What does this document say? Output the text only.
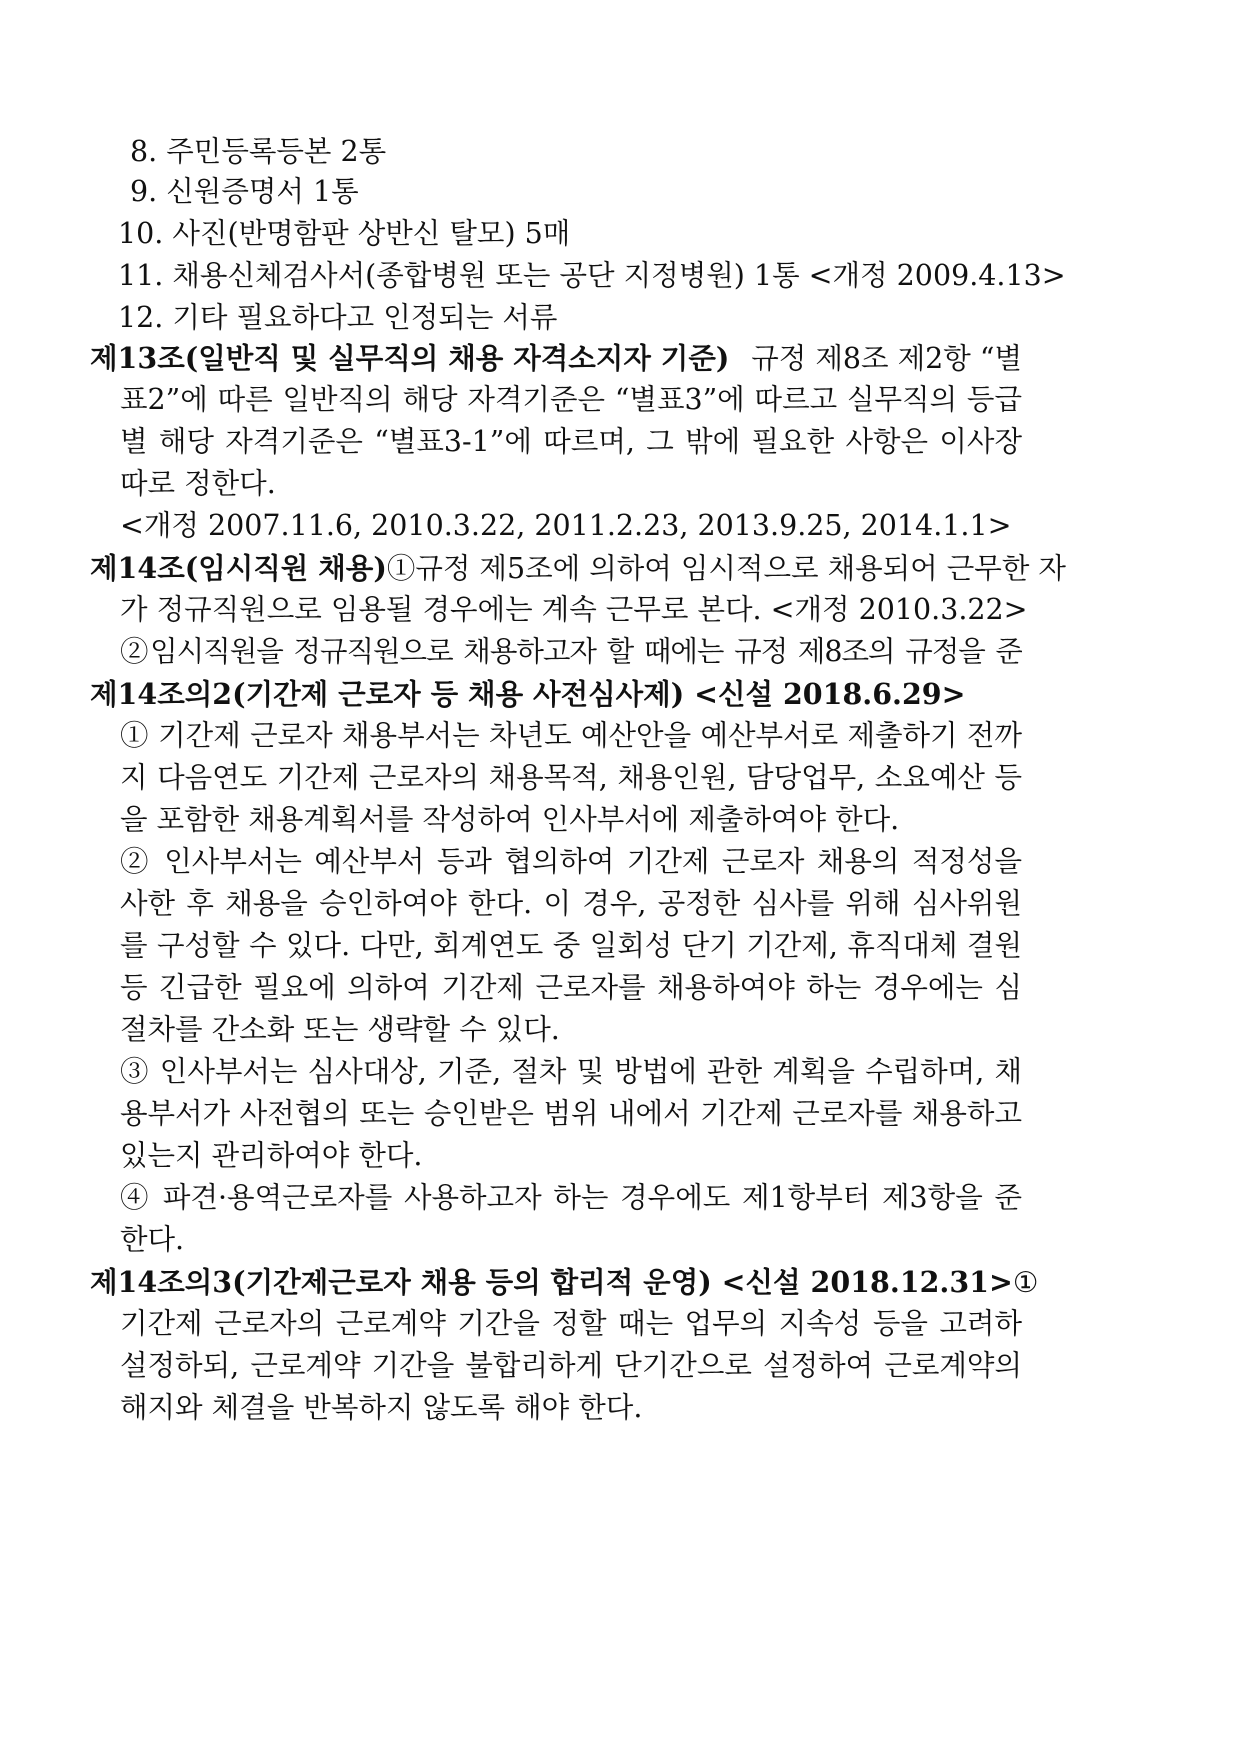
8. 주민등록등본 2통
9. 신원증명서 1통
10. 사진(반명함판 상반신 탈모) 5매
11. 채용신체검사서(종합병원 또는 공단 지정병원) 1통 <개정 2009.4.13>
12. 기타 필요하다고 인정되는 서류
제13조(일반직 및 실무직의 채용 자격소지자 기준) 규정 제8조 제2항 “별
표2”에 따른 일반직의 해당 자격기준은 “별표3”에 따르고 실무직의 등급
별 해당 자격기준은 “별표3-1”에 따르며, 그 밖에 필요한 사항은 이사장
따로 정한다.
<개정 2007.11.6, 2010.3.22, 2011.2.23, 2013.9.25, 2014.1.1>
제14조(임시직원 채용) ①규정 제5조에 의하여 임시적으로 채용되어 근무한 자
가 정규직원으로 임용될 경우에는 계속 근무로 본다. <개정 2010.3.22>
②임시직원을 정규직원으로 채용하고자 할 때에는 규정 제8조의 규정을 준
제14조의2(기간제 근로자 등 채용 사전심사제) <신설 2018.6.29>
① 기간제 근로자 채용부서는 차년도 예산안을 예산부서로 제출하기 전까
지 다음연도 기간제 근로자의 채용목적, 채용인원, 담당업무, 소요예산 등
을 포함한 채용계획서를 작성하여 인사부서에 제출하여야 한다.
② 인사부서는 예산부서 등과 협의하여 기간제 근로자 채용의 적정성을
사한 후 채용을 승인하여야 한다. 이 경우, 공정한 심사를 위해 심사위원
를 구성할 수 있다. 다만, 회계연도 중 일회성 단기 기간제, 휴직대체 결원
등 긴급한 필요에 의하여 기간제 근로자를 채용하여야 하는 경우에는 심
절차를 간소화 또는 생략할 수 있다.
③ 인사부서는 심사대상, 기준, 절차 및 방법에 관한 계획을 수립하며, 채
용부서가 사전협의 또는 승인받은 범위 내에서 기간제 근로자를 채용하고
있는지 관리하여야 한다.
④ 파견·용역근로자를 사용하고자 하는 경우에도 제1항부터 제3항을 준
한다.
제14조의3(기간제근로자 채용 등의 합리적 운영) <신설 2018.12.31> ①
기간제 근로자의 근로계약 기간을 정할 때는 업무의 지속성 등을 고려하
설정하되, 근로계약 기간을 불합리하게 단기간으로 설정하여 근로계약의
해지와 체결을 반복하지 않도록 해야 한다.
